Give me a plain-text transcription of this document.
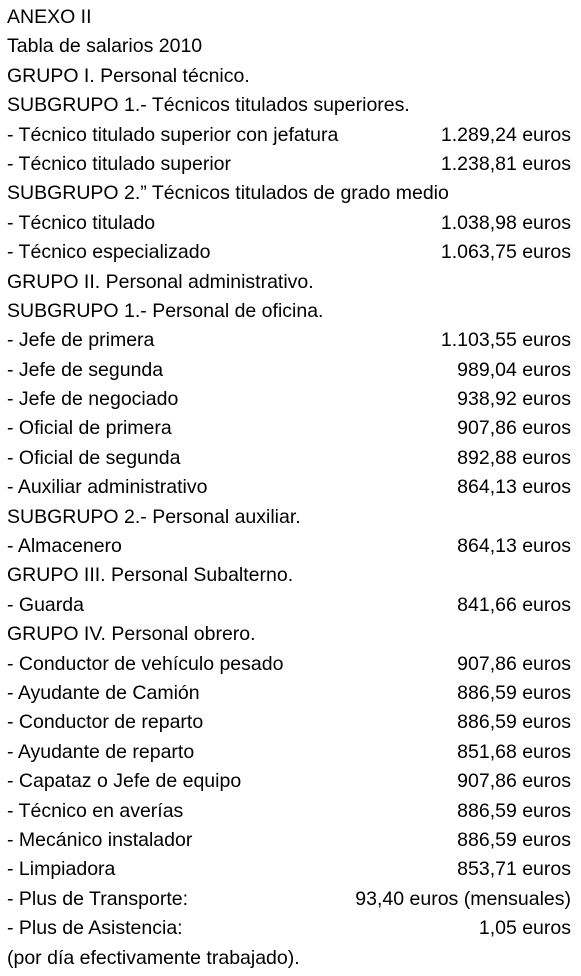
ANEXO II
Tabla de salarios 2010
GRUPO I. Personal técnico.
SUBGRUPO 1.- Técnicos titulados superiores.
- Técnico titulado superior con jefatura	1.289,24 euros
- Técnico titulado superior	1.238,81 euros
SUBGRUPO 2.” Técnicos titulados de grado medio
- Técnico titulado	1.038,98 euros
- Técnico especializado	1.063,75 euros
GRUPO II. Personal administrativo.
SUBGRUPO 1.- Personal de oficina.
- Jefe de primera	1.103,55 euros
- Jefe de segunda	989,04 euros
- Jefe de negociado	938,92 euros
- Oficial de primera	907,86 euros
- Oficial de segunda	892,88 euros
- Auxiliar administrativo	864,13 euros
SUBGRUPO 2.- Personal auxiliar.
- Almacenero	864,13 euros
GRUPO III. Personal Subalterno.
- Guarda	841,66 euros
GRUPO IV. Personal obrero.
- Conductor de vehículo pesado	907,86 euros
- Ayudante de Camión	886,59 euros
- Conductor de reparto	886,59 euros
- Ayudante de reparto	851,68 euros
- Capataz o Jefe de equipo	907,86 euros
- Técnico en averías	886,59 euros
- Mecánico instalador	886,59 euros
- Limpiadora	853,71 euros
- Plus de Transporte:	93,40 euros (mensuales)
- Plus de Asistencia:	1,05 euros
(por día efectivamente trabajado).
